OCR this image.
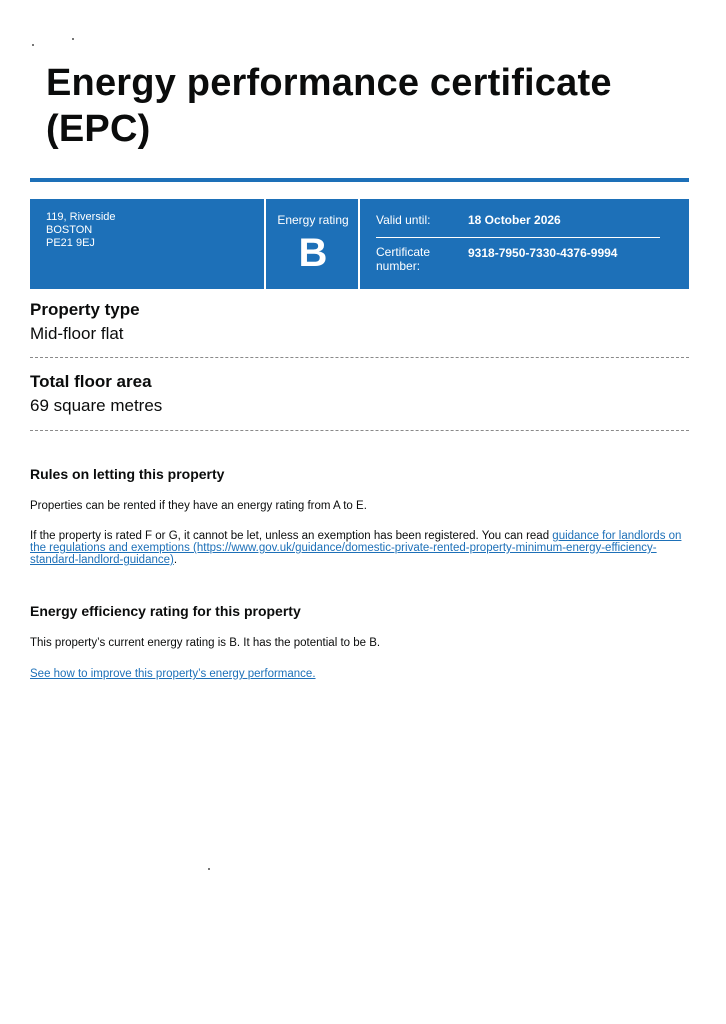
Energy performance certificate (EPC)
119, Riverside
BOSTON
PE21 9EJ
Energy rating
B
Valid until:	18 October 2026
Certificate number:
9318-7950-7330-4376-9994
Property type

Mid-floor flat

Total floor area

69 square metres

Rules on letting this property

Properties can be rented if they have an energy rating from A to E.

If the property is rated F or G, it cannot be let, unless an exemption has been registered. You can read guidance for landlords on the regulations and exemptions (https://www.gov.uk/guidance/domestic-private-rented-property-minimum-energy-efficiency-standard-landlord-guidance).

Energy efficiency rating for this property

This property’s current energy rating is B. It has the potential to be B.

See how to improve this property’s energy performance.
